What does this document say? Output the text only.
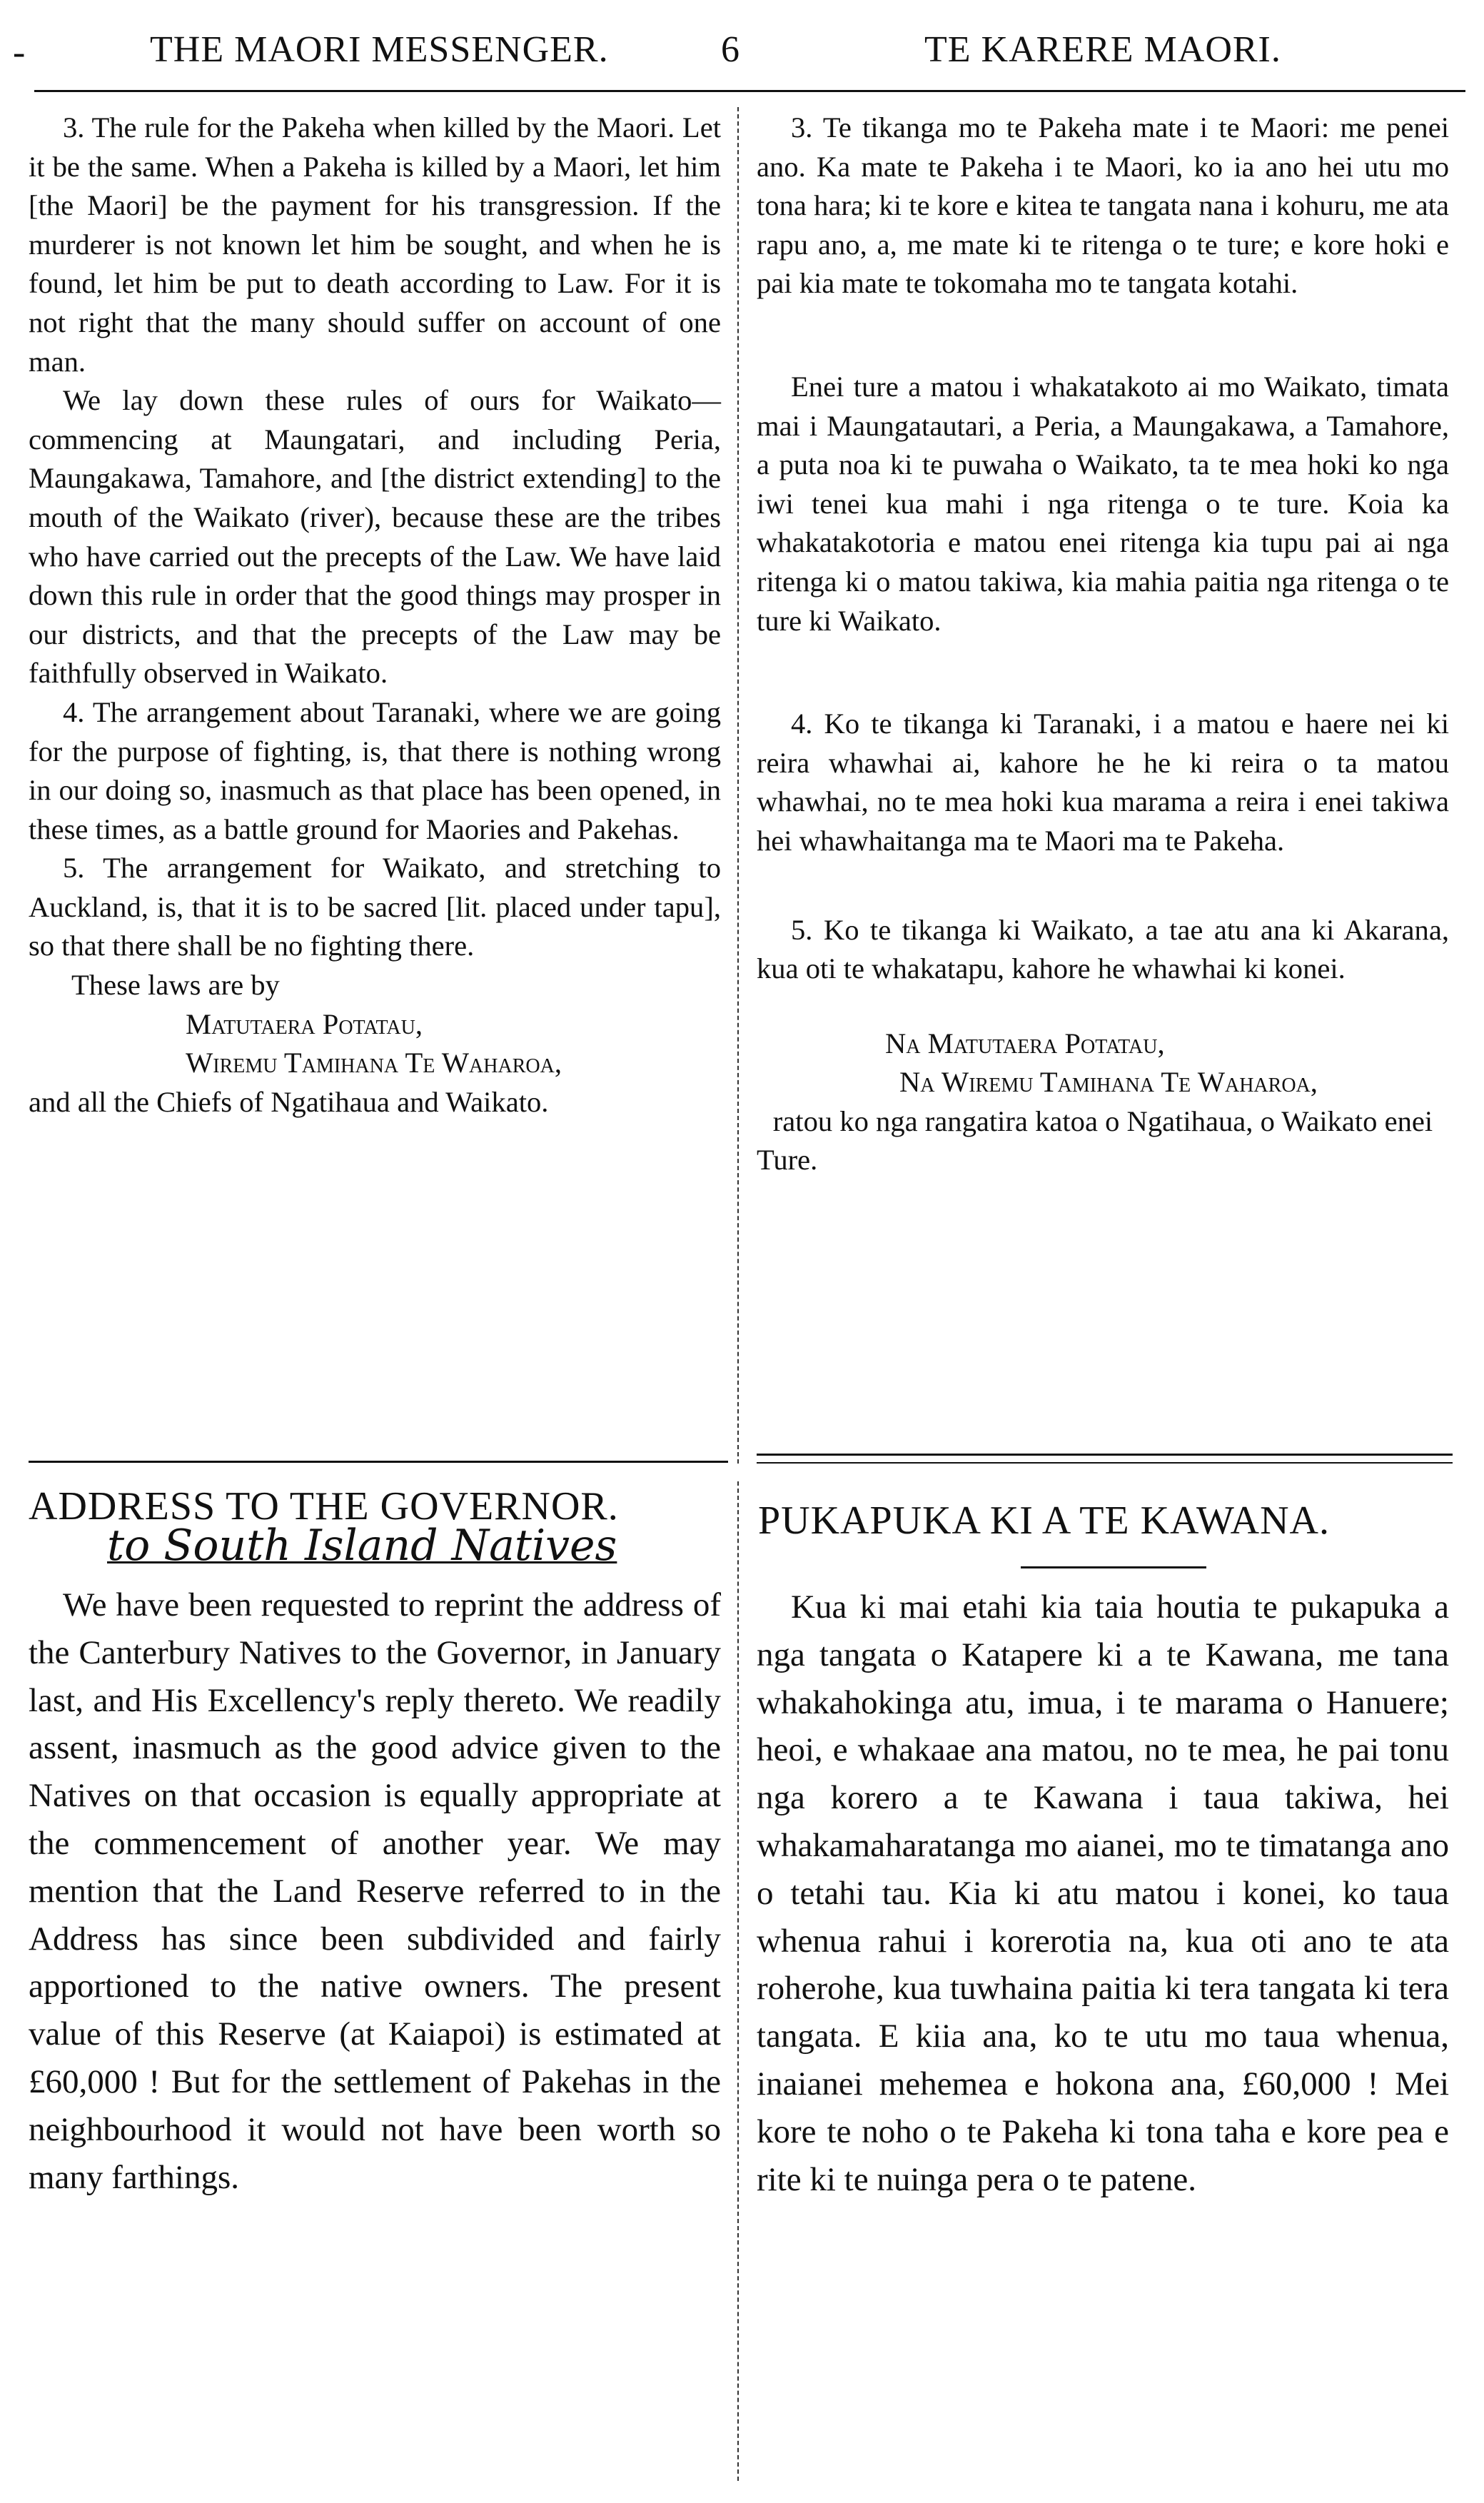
-	THE MAORI MESSENGER.	6	TE KARERE MAORI.

3. The rule for the Pakeha when killed by the Maori. Let it be the same. When a Pakeha is killed by a Maori, let him [the Maori] be the payment for his transgression. If the murderer is not known let him be sought, and when he is found, let him be put to death according to Law. For it is not right that the many should suffer on account of one man.

We lay down these rules of ours for Waikato—commencing at Maungatari, and including Peria, Maungakawa, Tamahore, and [the district extending] to the mouth of the Waikato (river), because these are the tribes who have carried out the precepts of the Law. We have laid down this rule in order that the good things may prosper in our districts, and that the precepts of the Law may be faithfully observed in Waikato.

4. The arrangement about Taranaki, where we are going for the purpose of fighting, is, that there is nothing wrong in our doing so, inasmuch as that place has been opened, in these times, as a battle ground for Maories and Pakehas.

5. The arrangement for Waikato, and stretching to Auckland, is, that it is to be sacred [lit. placed under tapu], so that there shall be no fighting there.

These laws are by

Matutaera Potatau,

Wiremu Tamihana Te Waharoa,

and all the Chiefs of Ngatihaua and Waikato.

3. Te tikanga mo te Pakeha mate i te Maori: me penei ano. Ka mate te Pakeha i te Maori, ko ia ano hei utu mo tona hara; ki te kore e kitea te tangata nana i kohuru, me ata rapu ano, a, me mate ki te ritenga o te ture; e kore hoki e pai kia mate te tokomaha mo te tangata kotahi.

Enei ture a matou i whakatakoto ai mo Waikato, timata mai i Maungatautari, a Peria, a Maungakawa, a Tamahore, a puta noa ki te puwaha o Waikato, ta te mea hoki ko nga iwi tenei kua mahi i nga ritenga o te ture. Koia ka whakatakotoria e matou enei ritenga kia tupu pai ai nga ritenga ki o matou takiwa, kia mahia paitia nga ritenga o te ture ki Waikato.

4. Ko te tikanga ki Taranaki, i a matou e haere nei ki reira whawhai ai, kahore he he ki reira o ta matou whawhai, no te mea hoki kua marama a reira i enei takiwa hei whawhaitanga ma te Maori ma te Pakeha.

5. Ko te tikanga ki Waikato, a tae atu ana ki Akarana, kua oti te whakatapu, kahore he whawhai ki konei.

Na Matutaera Potatau,

Na Wiremu Tamihana Te Waharoa,

ratou ko nga rangatira katoa o Ngatihaua, o Waikato enei Ture.

ADDRESS TO THE GOVERNOR.
to South Island Natives	PUKAPUKA KI A TE KAWANA.

We have been requested to reprint the address of the Canterbury Natives to the Governor, in January last, and His Excellency's reply thereto. We readily assent, inasmuch as the good advice given to the Natives on that occasion is equally appropriate at the commencement of another year. We may mention that the Land Reserve referred to in the Address has since been subdivided and fairly apportioned to the native owners. The present value of this Reserve (at Kaiapoi) is estimated at £60,000 ! But for the settlement of Pakehas in the neighbourhood it would not have been worth so many farthings.

Kua ki mai etahi kia taia houtia te pukapuka a nga tangata o Katapere ki a te Kawana, me tana whakahokinga atu, imua, i te marama o Hanuere; heoi, e whakaae ana matou, no te mea, he pai tonu nga korero a te Kawana i taua takiwa, hei whakamaharatanga mo aianei, mo te timatanga ano o tetahi tau. Kia ki atu matou i konei, ko taua whenua rahui i korerotia na, kua oti ano te ata roherohe, kua tuwhaina paitia ki tera tangata ki tera tangata. E kiia ana, ko te utu mo taua whenua, inaianei mehemea e hokona ana, £60,000 ! Mei kore te noho o te Pakeha ki tona taha e kore pea e rite ki te nuinga pera o te patene.
